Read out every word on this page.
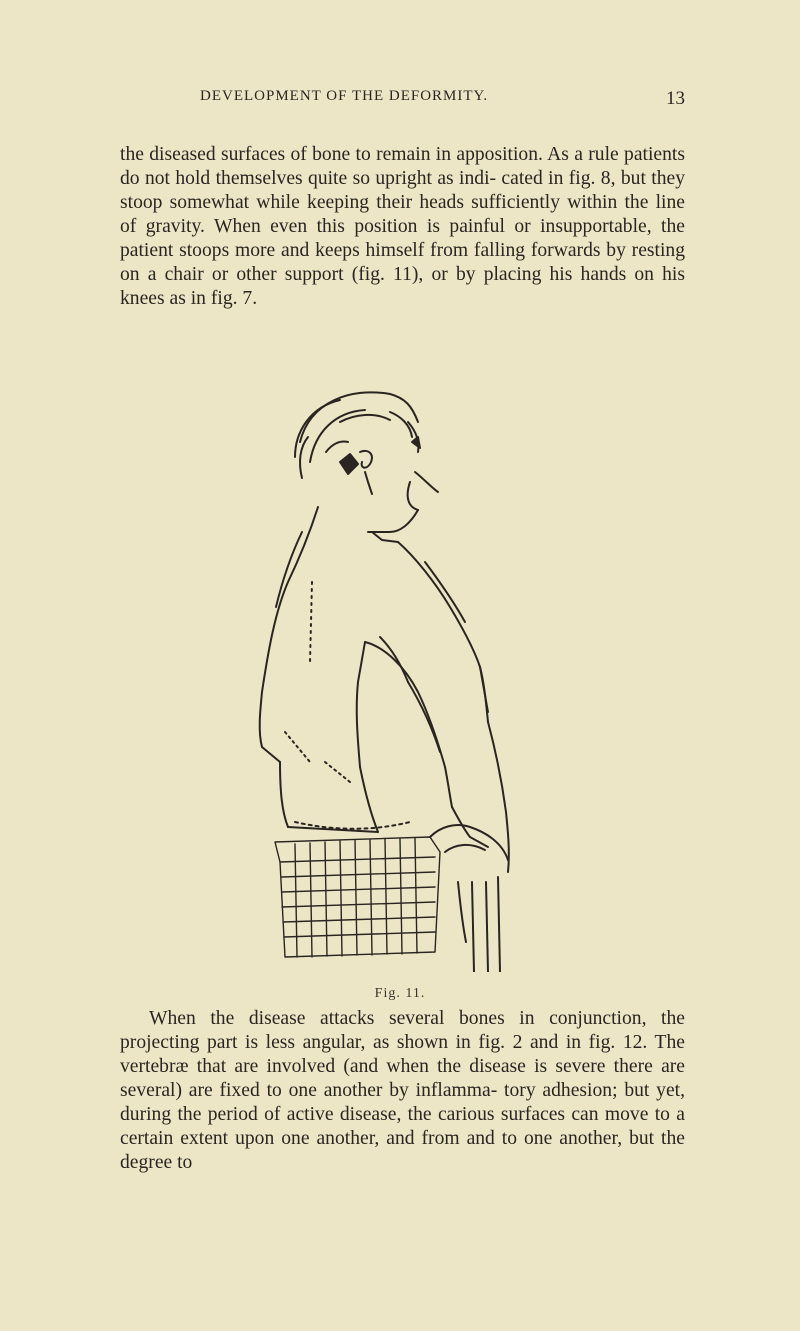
DEVELOPMENT OF THE DEFORMITY.	13

the diseased surfaces of bone to remain in apposition. As a rule patients do not hold themselves quite so upright as indi- cated in fig. 8, but they stoop somewhat while keeping their heads sufficiently within the line of gravity. When even this position is painful or insupportable, the patient stoops more and keeps himself from falling forwards by resting on a chair or other support (fig. 11), or by placing his hands on his knees as in fig. 7.

Fig. 11.

When the disease attacks several bones in conjunction, the projecting part is less angular, as shown in fig. 2 and in fig. 12. The vertebræ that are involved (and when the disease is severe there are several) are fixed to one another by inflamma- tory adhesion; but yet, during the period of active disease, the carious surfaces can move to a certain extent upon one another, and from and to one another, but the degree to
